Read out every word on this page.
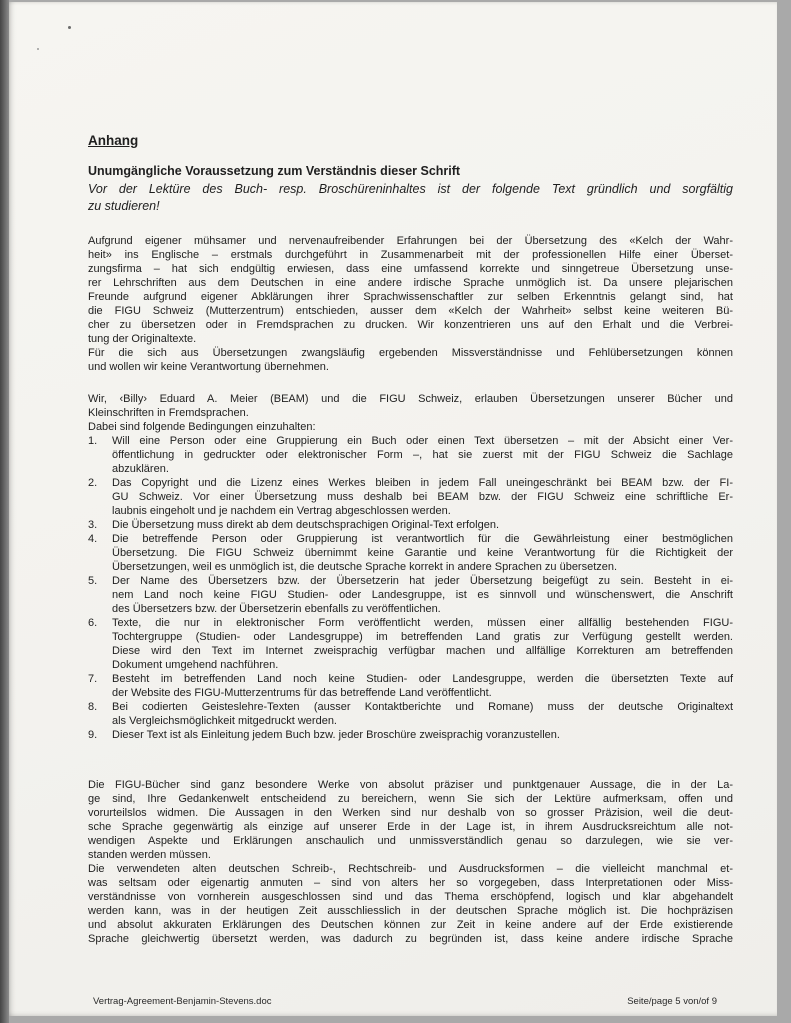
Anhang
Unumgängliche Voraussetzung zum Verständnis dieser Schrift
Vor der Lektüre des Buch- resp. Broschüreninhaltes ist der folgende Text gründlich und sorgfältig
zu studieren!
Aufgrund eigener mühsamer und nervenaufreibender Erfahrungen bei der Übersetzung des «Kelch der Wahr-
heit» ins Englische – erstmals durchgeführt in Zusammenarbeit mit der professionellen Hilfe einer Überset-
zungsfirma – hat sich endgültig erwiesen, dass eine umfassend korrekte und sinngetreue Übersetzung unse-
rer Lehrschriften aus dem Deutschen in eine andere irdische Sprache unmöglich ist. Da unsere plejarischen
Freunde aufgrund eigener Abklärungen ihrer Sprachwissenschaftler zur selben Erkenntnis gelangt sind, hat
die FIGU Schweiz (Mutterzentrum) entschieden, ausser dem «Kelch der Wahrheit» selbst keine weiteren Bü-
cher zu übersetzen oder in Fremdsprachen zu drucken. Wir konzentrieren uns auf den Erhalt und die Verbrei-
tung der Originaltexte.
Für die sich aus Übersetzungen zwangsläufig ergebenden Missverständnisse und Fehlübersetzungen können
und wollen wir keine Verantwortung übernehmen.
Wir, ‹Billy› Eduard A. Meier (BEAM) und die FIGU Schweiz, erlauben Übersetzungen unserer Bücher und
Kleinschriften in Fremdsprachen.
Dabei sind folgende Bedingungen einzuhalten:
1.	Will eine Person oder eine Gruppierung ein Buch oder einen Text übersetzen – mit der Absicht einer Ver-
öffentlichung in gedruckter oder elektronischer Form –, hat sie zuerst mit der FIGU Schweiz die Sachlage
abzuklären.
2.	Das Copyright und die Lizenz eines Werkes bleiben in jedem Fall uneingeschränkt bei BEAM bzw. der FI-
GU Schweiz. Vor einer Übersetzung muss deshalb bei BEAM bzw. der FIGU Schweiz eine schriftliche Er-
laubnis eingeholt und je nachdem ein Vertrag abgeschlossen werden.
3.	Die Übersetzung muss direkt ab dem deutschsprachigen Original-Text erfolgen.
4.	Die betreffende Person oder Gruppierung ist verantwortlich für die Gewährleistung einer bestmöglichen
Übersetzung. Die FIGU Schweiz übernimmt keine Garantie und keine Verantwortung für die Richtigkeit der
Übersetzungen, weil es unmöglich ist, die deutsche Sprache korrekt in andere Sprachen zu übersetzen.
5.	Der Name des Übersetzers bzw. der Übersetzerin hat jeder Übersetzung beigefügt zu sein. Besteht in ei-
nem Land noch keine FIGU Studien- oder Landesgruppe, ist es sinnvoll und wünschenswert, die Anschrift
des Übersetzers bzw. der Übersetzerin ebenfalls zu veröffentlichen.
6.	Texte, die nur in elektronischer Form veröffentlicht werden, müssen einer allfällig bestehenden FIGU-
Tochtergruppe (Studien- oder Landesgruppe) im betreffenden Land gratis zur Verfügung gestellt werden.
Diese wird den Text im Internet zweisprachig verfügbar machen und allfällige Korrekturen am betreffenden
Dokument umgehend nachführen.
7.	Besteht im betreffenden Land noch keine Studien- oder Landesgruppe, werden die übersetzten Texte auf
der Website des FIGU-Mutterzentrums für das betreffende Land veröffentlicht.
8.	Bei codierten Geisteslehre-Texten (ausser Kontaktberichte und Romane) muss der deutsche Originaltext
als Vergleichsmöglichkeit mitgedruckt werden.
9.	Dieser Text ist als Einleitung jedem Buch bzw. jeder Broschüre zweisprachig voranzustellen.
Die FIGU-Bücher sind ganz besondere Werke von absolut präziser und punktgenauer Aussage, die in der La-
ge sind, Ihre Gedankenwelt entscheidend zu bereichern, wenn Sie sich der Lektüre aufmerksam, offen und
vorurteilslos widmen. Die Aussagen in den Werken sind nur deshalb von so grosser Präzision, weil die deut-
sche Sprache gegenwärtig als einzige auf unserer Erde in der Lage ist, in ihrem Ausdrucksreichtum alle not-
wendigen Aspekte und Erklärungen anschaulich und unmissverständlich genau so darzulegen, wie sie ver-
standen werden müssen.
Die verwendeten alten deutschen Schreib-, Rechtschreib- und Ausdrucksformen – die vielleicht manchmal et-
was seltsam oder eigenartig anmuten – sind von alters her so vorgegeben, dass Interpretationen oder Miss-
verständnisse von vornherein ausgeschlossen sind und das Thema erschöpfend, logisch und klar abgehandelt
werden kann, was in der heutigen Zeit ausschliesslich in der deutschen Sprache möglich ist. Die hochpräzisen
und absolut akkuraten Erklärungen des Deutschen können zur Zeit in keine andere auf der Erde existierende
Sprache gleichwertig übersetzt werden, was dadurch zu begründen ist, dass keine andere irdische Sprache
Vertrag-Agreement-Benjamin-Stevens.doc	Seite/page 5 von/of 9
